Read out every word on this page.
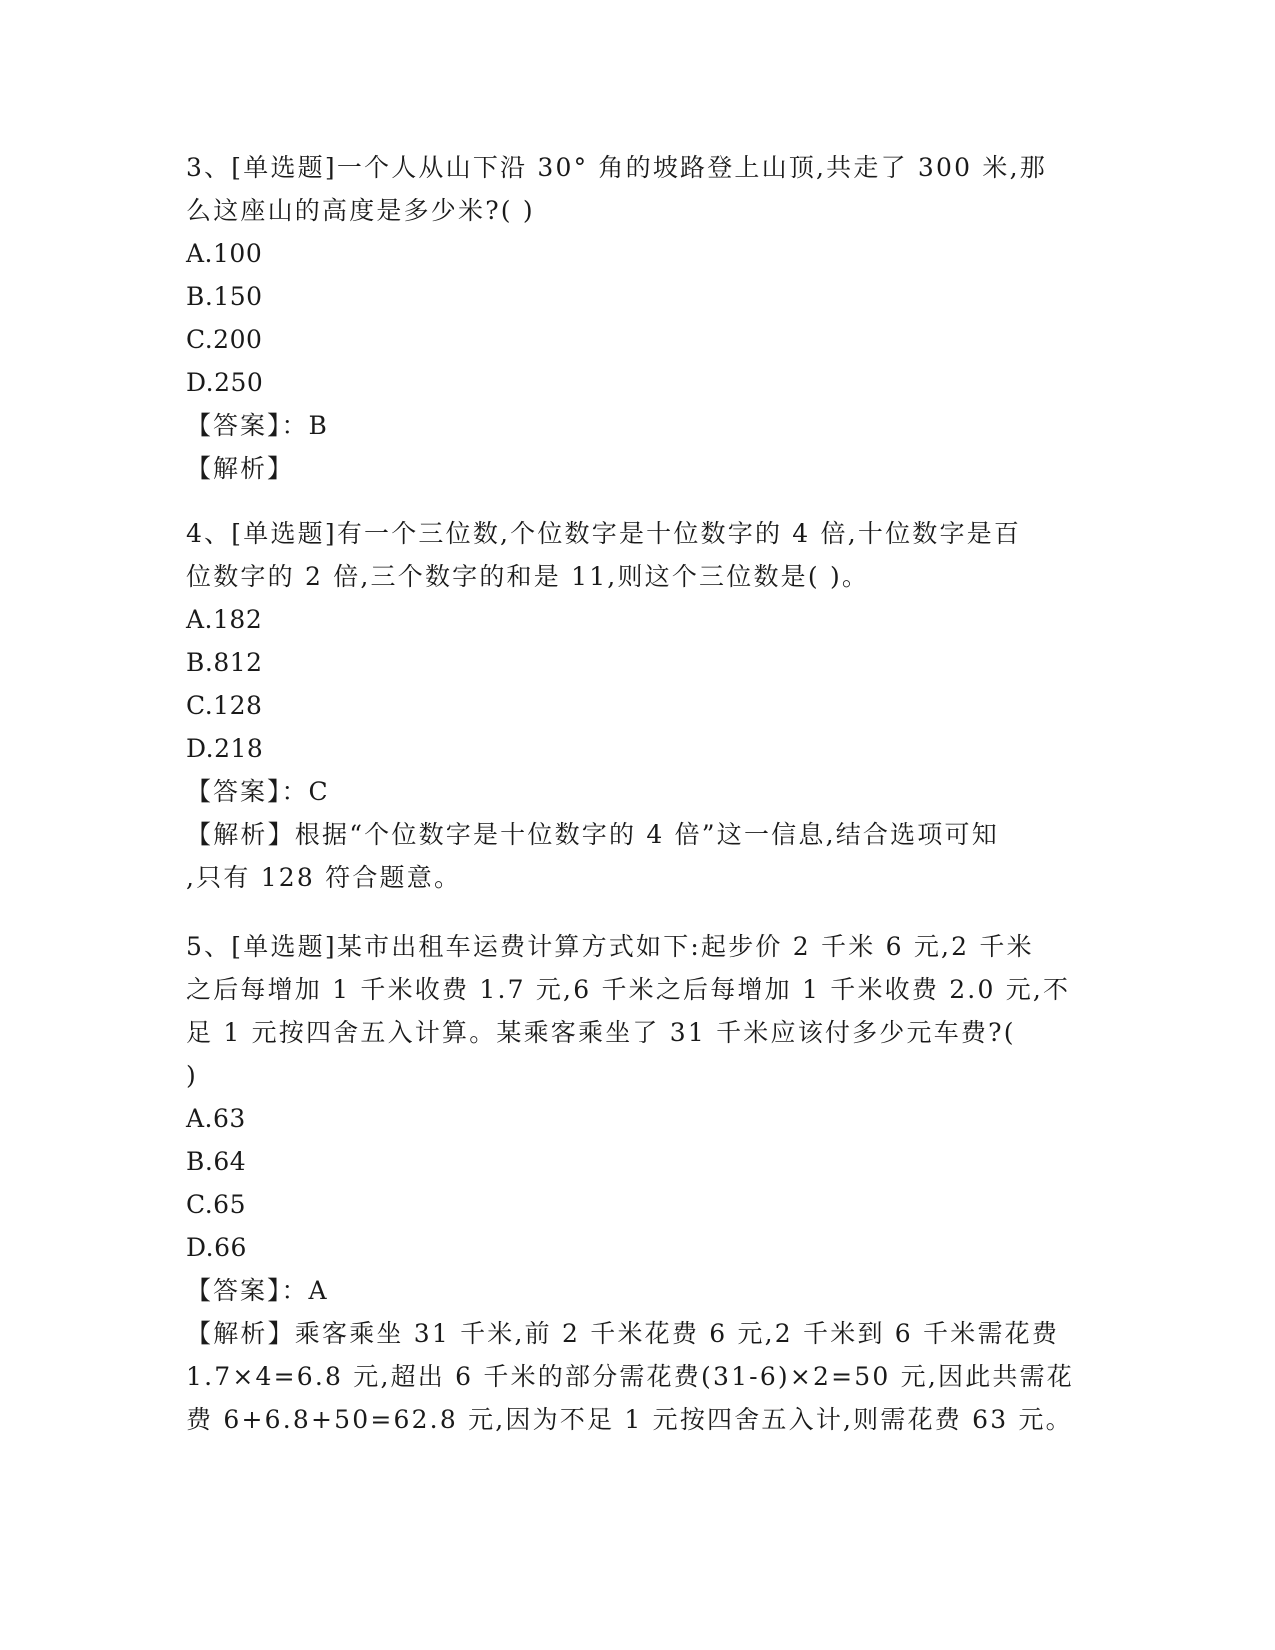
3、[单选题]一个人从山下沿 30° 角的坡路登上山顶,共走了 300 米,那
么这座山的高度是多少米?( )
A.100
B.150
C.200
D.250
【答案】：B
【解析】
4、[单选题]有一个三位数,个位数字是十位数字的 4 倍,十位数字是百
位数字的 2 倍,三个数字的和是 11,则这个三位数是( )。
A.182
B.812
C.128
D.218
【答案】：C
【解析】根据“个位数字是十位数字的 4 倍”这一信息,结合选项可知
,只有 128 符合题意。
5、[单选题]某市出租车运费计算方式如下:起步价 2 千米 6 元,2 千米
之后每增加 1 千米收费 1.7 元,6 千米之后每增加 1 千米收费 2.0 元,不
足 1 元按四舍五入计算。某乘客乘坐了 31 千米应该付多少元车费?(
)
A.63
B.64
C.65
D.66
【答案】：A
【解析】乘客乘坐 31 千米,前 2 千米花费 6 元,2 千米到 6 千米需花费
1.7×4=6.8 元,超出 6 千米的部分需花费(31-6)×2=50 元,因此共需花
费 6+6.8+50=62.8 元,因为不足 1 元按四舍五入计,则需花费 63 元。
